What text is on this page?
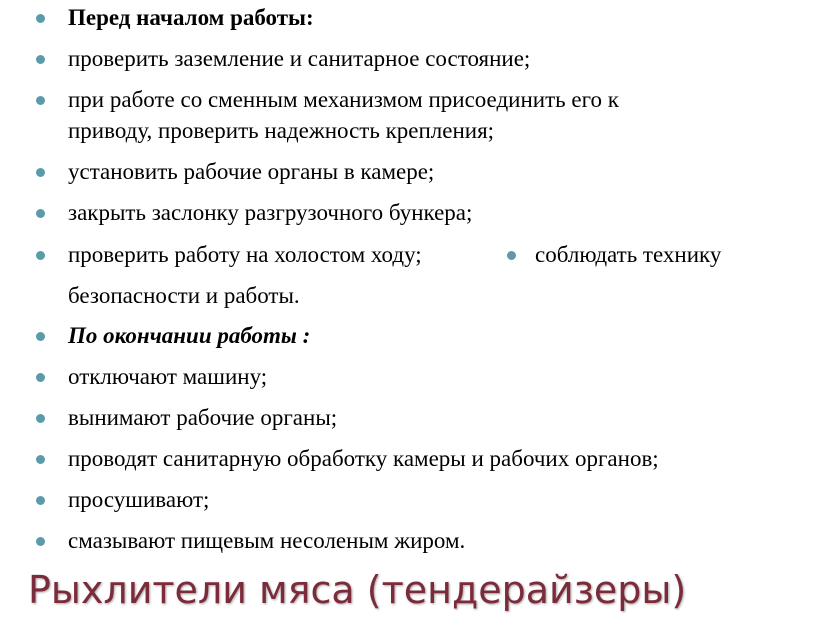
Перед началом работы:
проверить заземление и санитарное состояние;
при работе со сменным механизмом присоединить его к
приводу, проверить надежность крепления;
установить рабочие органы в камере;
закрыть заслонку разгрузочного бункера;
проверить работу на холостом ходу;	соблюдать технику
безопасности и работы.
По окончании работы :
отключают машину;
вынимают рабочие органы;
проводят санитарную обработку камеры и рабочих органов;
просушивают;
смазывают пищевым несоленым жиром.
Рыхлители мяса (тендерайзеры)
